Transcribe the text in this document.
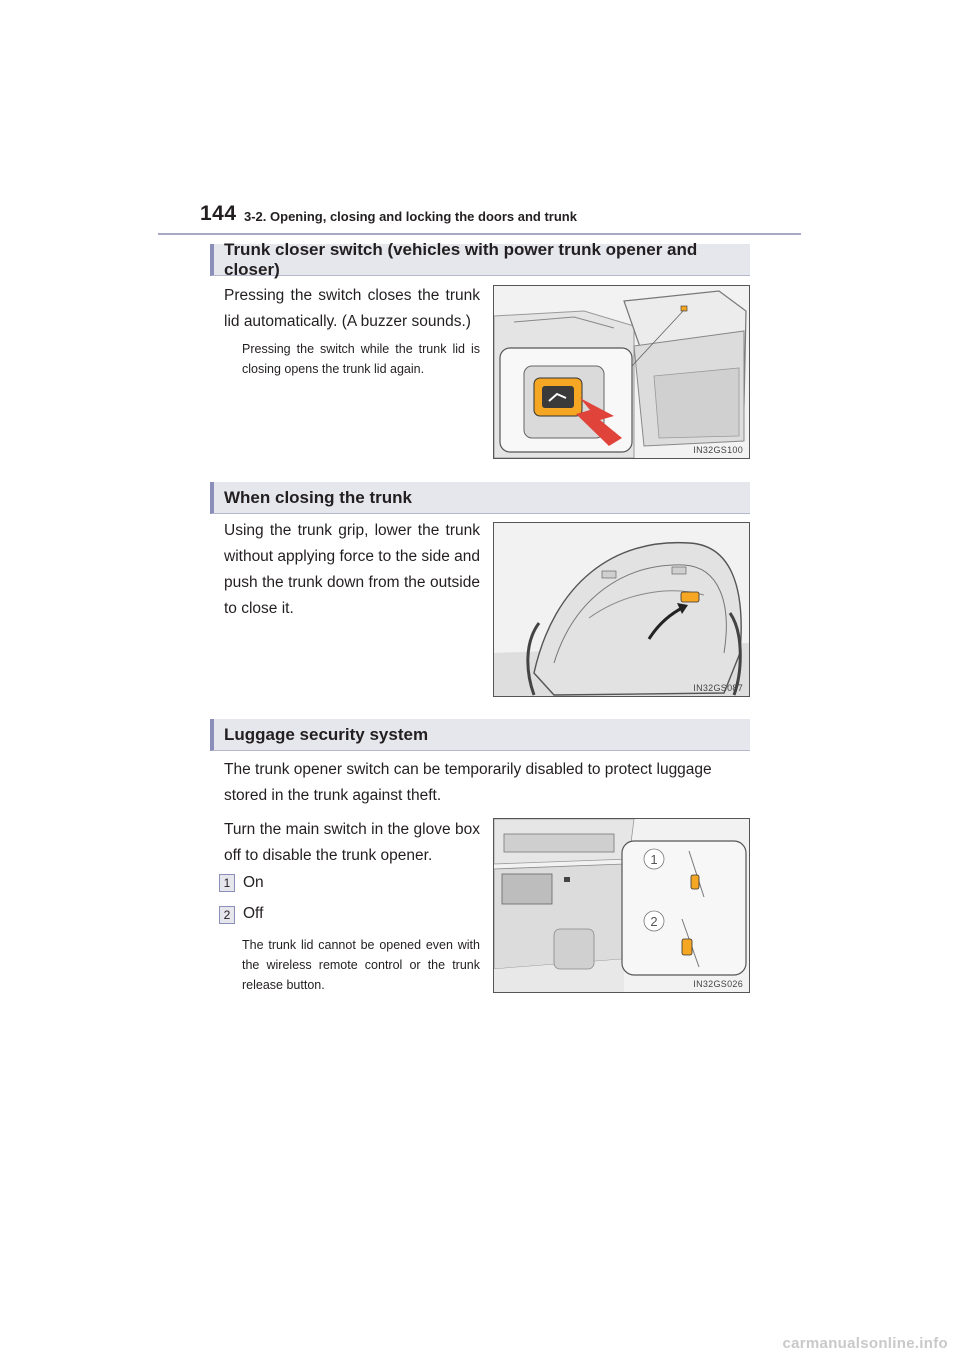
144 3-2. Opening, closing and locking the doors and trunk
Trunk closer switch (vehicles with power trunk opener and closer)
Pressing the switch closes the trunk lid automatically. (A buzzer sounds.)
Pressing the switch while the trunk lid is closing opens the trunk lid again.
IN32GS100
When closing the trunk
Using the trunk grip, lower the trunk without applying force to the side and push the trunk down from the outside to close it.
IN32GS087
Luggage security system
The trunk opener switch can be temporarily disabled to protect luggage stored in the trunk against theft.
Turn the main switch in the glove box off to disable the trunk opener.
1 On
2 Off
The trunk lid cannot be opened even with the wireless remote control or the trunk release button.
1
2
IN32GS026
carmanualsonline.info
